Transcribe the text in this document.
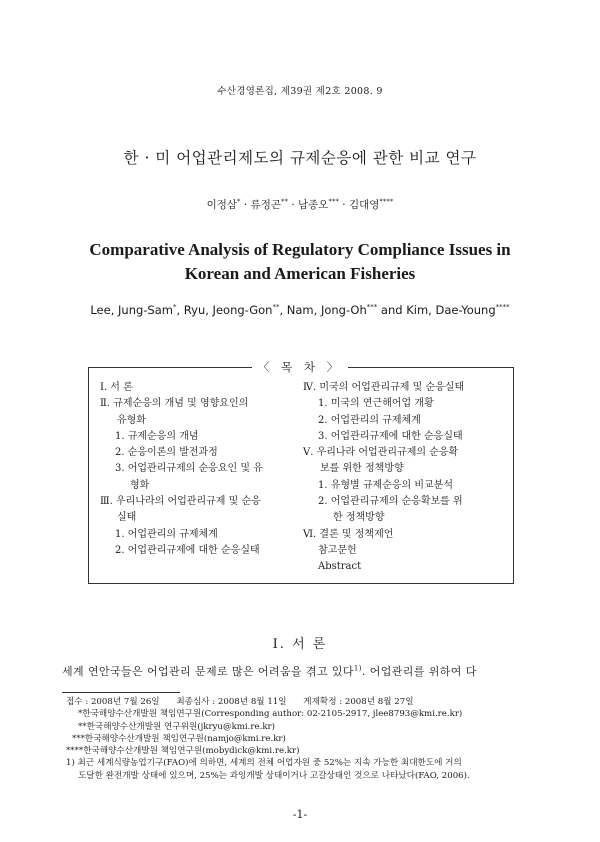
수산경영론집, 제39권 제2호 2008. 9
한 · 미 어업관리제도의 규제순응에 관한 비교 연구
이정삼* · 류정곤** · 남종오*** · 김대영****
Comparative Analysis of Regulatory Compliance Issues in
Korean and American Fisheries
Lee, Jung-Sam*, Ryu, Jeong-Gon**, Nam, Jong-Oh*** and Kim, Dae-Young****
〈 목 차 〉
Ⅰ. 서 론
Ⅱ. 규제순응의 개념 및 영향요인의
유형화
1. 규제순응의 개념
2. 순응이론의 발전과정
3. 어업관리규제의 순응요인 및 유
형화
Ⅲ. 우리나라의 어업관리규제 및 순응
실태
1. 어업관리의 규제체계
2. 어업관리규제에 대한 순응실태
Ⅳ. 미국의 어업관리규제 및 순응실태
1. 미국의 연근해어업 개황
2. 어업관리의 규제체계
3. 어업관리규제에 대한 순응실태
Ⅴ. 우리나라 어업관리규제의 순응확
보를 위한 정책방향
1. 유형별 규제순응의 비교분석
2. 어업관리규제의 순응확보를 위
한 정책방향
Ⅵ. 결론 및 정책제언
참고문헌
Abstract
Ⅰ. 서 론
세계 연안국들은 어업관리 문제로 많은 어려움을 겪고 있다$^{1)}$. 어업관리를 위하여 다
접수 : 2008년 7월 26일 최종심사 : 2008년 8월 11일 게재확정 : 2008년 8월 27일
*한국해양수산개발원 책임연구원(Corresponding author: 02-2105-2917, jlee8793@kmi.re.kr)
**한국해양수산개발원 연구위원(jkryu@kmi.re.kr)
***한국해양수산개발원 책임연구원(namjo@kmi.re.kr)
****한국해양수산개발원 책임연구원(mobydick@kmi.re.kr)
1) 최근 세계식량농업기구(FAO)에 의하면, 세계의 전체 어업자원 중 52%는 지속 가능한 최대한도에 거의
도달한 완전개발 상태에 있으며, 25%는 과잉개발 상태이거나 고갈상태인 것으로 나타났다(FAO, 2006).
-1-
